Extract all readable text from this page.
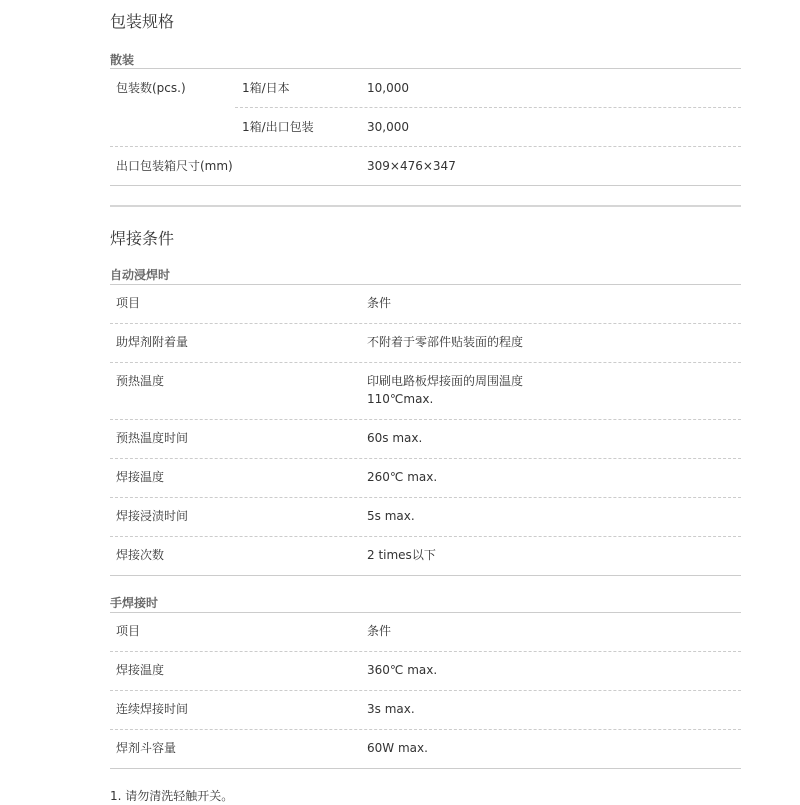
包装规格
散装
包装数(pcs.)	1箱/日本	10,000
1箱/出口包装	30,000
出口包装箱尺寸(mm)	309×476×347
焊接条件
自动浸焊时
项目	条件
助焊剂附着量	不附着于零部件贴装面的程度
预热温度	印刷电路板焊接面的周围温度
110℃max.
预热温度时间	60s max.
焊接温度	260℃ max.
焊接浸渍时间	5s max.
焊接次数	2 times以下
手焊接时
项目	条件
焊接温度	360℃ max.
连续焊接时间	3s max.
焊剂斗容量	60W max.
1. 请勿清洗轻触开关。
